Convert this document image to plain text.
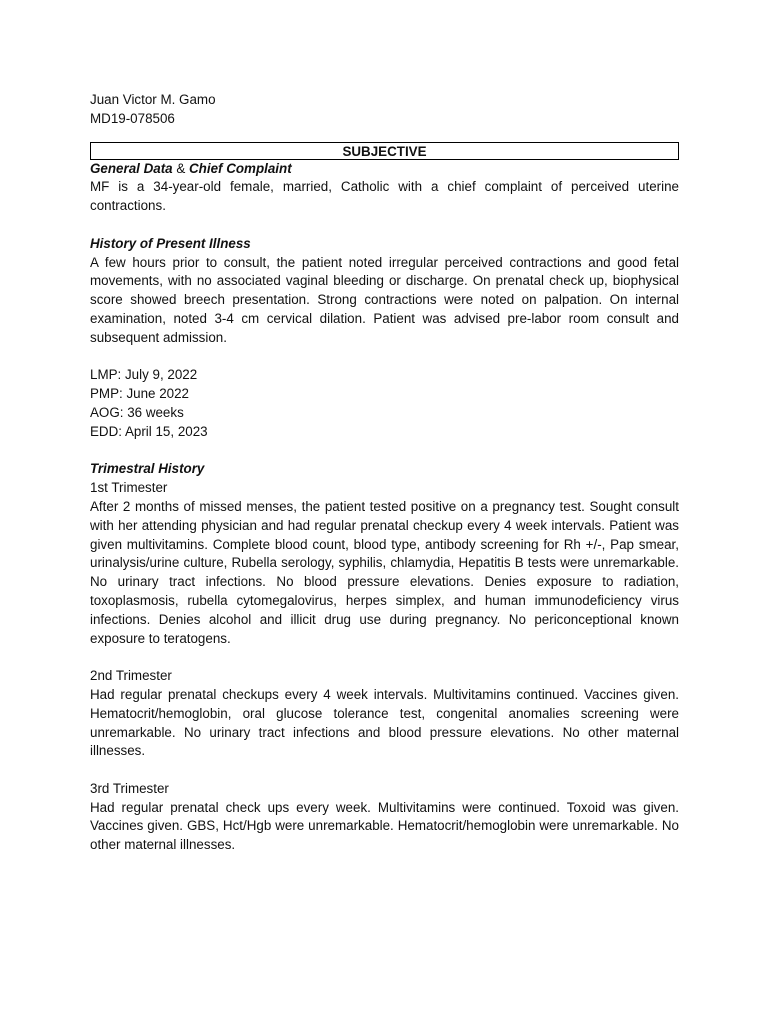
Juan Victor M. Gamo
MD19-078506
SUBJECTIVE
General Data & Chief Complaint

MF is a 34-year-old female, married, Catholic with a chief complaint of perceived uterine contractions.

History of Present Illness

A few hours prior to consult, the patient noted irregular perceived contractions and good fetal movements, with no associated vaginal bleeding or discharge. On prenatal check up, biophysical score showed breech presentation. Strong contractions were noted on palpation. On internal examination, noted 3-4 cm cervical dilation. Patient was advised pre-labor room consult and subsequent admission.

LMP: July 9, 2022
PMP: June 2022
AOG: 36 weeks
EDD: April 15, 2023
Trimestral History
1st Trimester

After 2 months of missed menses, the patient tested positive on a pregnancy test. Sought consult with her attending physician and had regular prenatal checkup every 4 week intervals. Patient was given multivitamins. Complete blood count, blood type, antibody screening for Rh +/-, Pap smear, urinalysis/urine culture, Rubella serology, syphilis, chlamydia, Hepatitis B tests were unremarkable. No urinary tract infections. No blood pressure elevations. Denies exposure to radiation, toxoplasmosis, rubella cytomegalovirus, herpes simplex, and human immunodeficiency virus infections. Denies alcohol and illicit drug use during pregnancy. No periconceptional known exposure to teratogens.

2nd Trimester

Had regular prenatal checkups every 4 week intervals. Multivitamins continued. Vaccines given. Hematocrit/hemoglobin, oral glucose tolerance test, congenital anomalies screening were unremarkable. No urinary tract infections and blood pressure elevations. No other maternal illnesses.

3rd Trimester

Had regular prenatal check ups every week. Multivitamins were continued. Toxoid was given. Vaccines given. GBS, Hct/Hgb were unremarkable. Hematocrit/hemoglobin were unremarkable. No other maternal illnesses.
